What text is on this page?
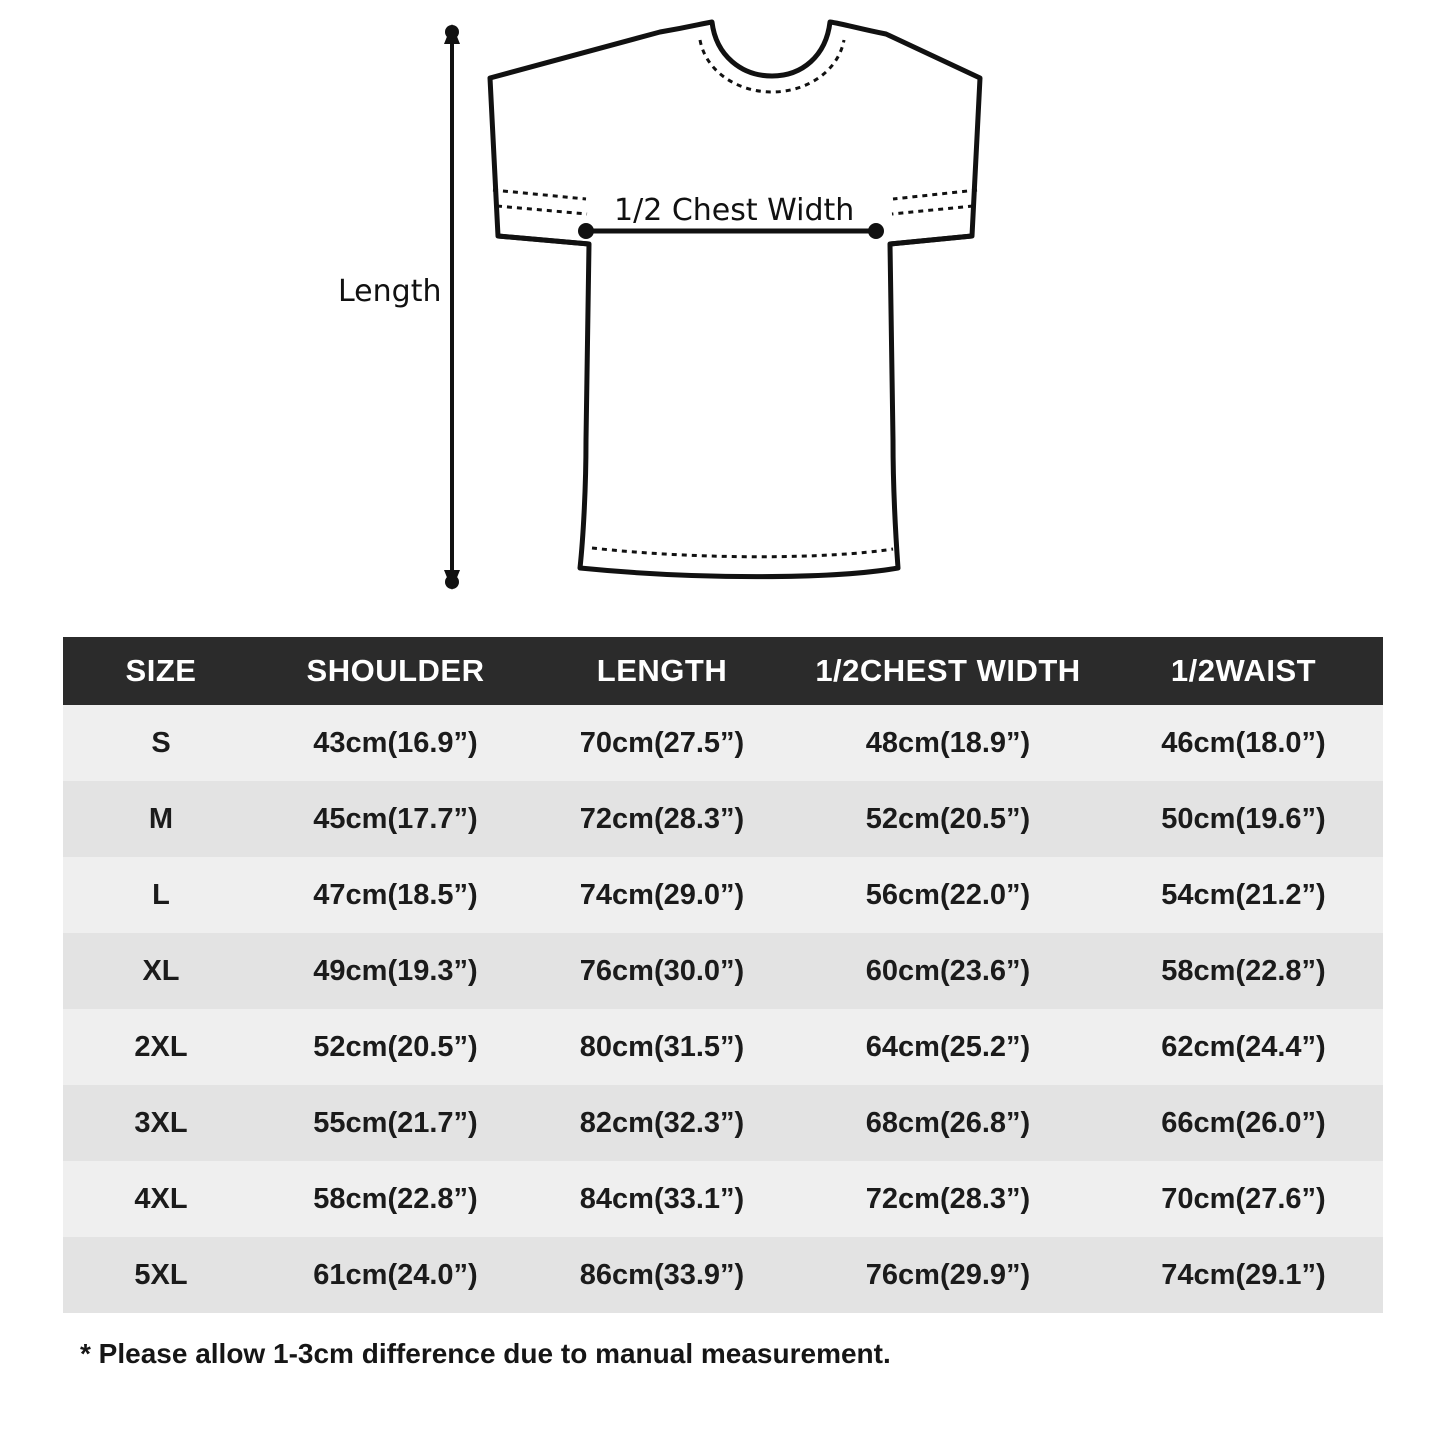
Length
1/2 Chest Width
SIZE	SHOULDER	LENGTH	1/2CHEST WIDTH	1/2WAIST
S	43cm(16.9”)	70cm(27.5”)	48cm(18.9”)	46cm(18.0”)
M	45cm(17.7”)	72cm(28.3”)	52cm(20.5”)	50cm(19.6”)
L	47cm(18.5”)	74cm(29.0”)	56cm(22.0”)	54cm(21.2”)
XL	49cm(19.3”)	76cm(30.0”)	60cm(23.6”)	58cm(22.8”)
2XL	52cm(20.5”)	80cm(31.5”)	64cm(25.2”)	62cm(24.4”)
3XL	55cm(21.7”)	82cm(32.3”)	68cm(26.8”)	66cm(26.0”)
4XL	58cm(22.8”)	84cm(33.1”)	72cm(28.3”)	70cm(27.6”)
5XL	61cm(24.0”)	86cm(33.9”)	76cm(29.9”)	74cm(29.1”)
* Please allow 1-3cm difference due to manual measurement.
